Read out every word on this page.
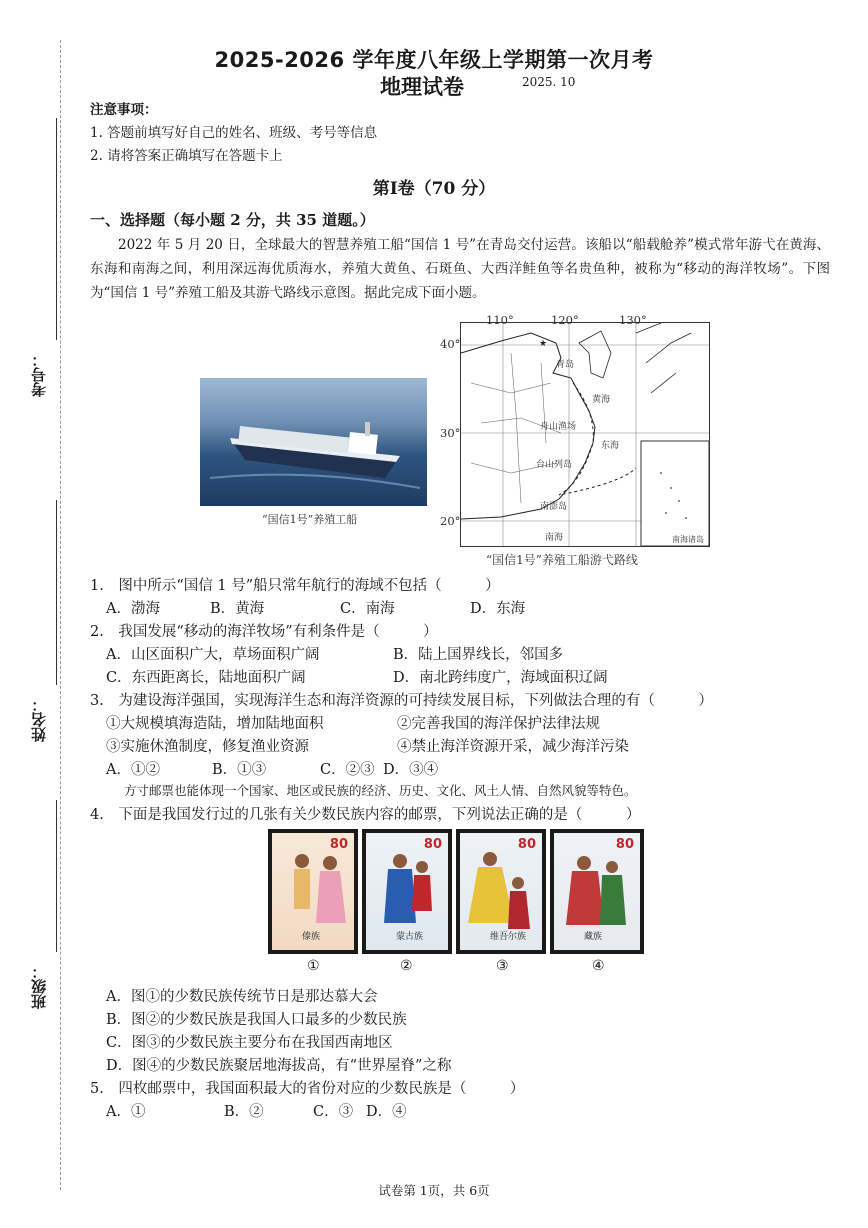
考号：
姓名：
班级：
2025-2026 学年度八年级上学期第一次月考
地理试卷	2025. 10
注意事项：
1. 答题前填写好自己的姓名、班级、考号等信息
2. 请将答案正确填写在答题卡上
第Ⅰ卷（70 分）
一、选择题（每小题 2 分，共 35 道题。）
2022 年 5 月 20 日，全球最大的智慧养殖工船“国信 1 号”在青岛交付运营。该船以“船载舱养”模式常年游弋在黄海、东海和南海之间，利用深远海优质海水，养殖大黄鱼、石斑鱼、大西洋鲑鱼等名贵鱼种，被称为“移动的海洋牧场”。下图为“国信 1 号”养殖工船及其游弋路线示意图。据此完成下面小题。
“国信1号”养殖工船
★
110°	120°	130°
40°
30°
20°
青岛
黄海
舟山渔场
东海
台山列岛
南澎岛
南海	南海诸岛
“国信1号”养殖工船游弋路线
1.　图中所示“国信 1 号”船只常年航行的海域不包括（　　　）
A．渤海	B．黄海	C．南海	D．东海
2.　我国发展“移动的海洋牧场”有利条件是（　　　）
A．山区面积广大，草场面积广阔	B．陆上国界线长，邻国多
C．东西距离长，陆地面积广阔	D．南北跨纬度广，海域面积辽阔
3.　为建设海洋强国，实现海洋生态和海洋资源的可持续发展目标，下列做法合理的有（　　　）
①大规模填海造陆，增加陆地面积	②完善我国的海洋保护法律法规
③实施休渔制度，修复渔业资源	④禁止海洋资源开采，减少海洋污染
A．①②	B．①③	C．②③ D．③④
方寸邮票也能体现一个国家、地区或民族的经济、历史、文化、风土人情、自然风貌等特色。
4.　下面是我国发行过的几张有关少数民族内容的邮票，下列说法正确的是（　　　）
80
傣族
80
蒙古族
80
维吾尔族
80
藏族
①	②	③	④
A．图①的少数民族传统节日是那达慕大会
B．图②的少数民族是我国人口最多的少数民族
C．图③的少数民族主要分布在我国西南地区
D．图④的少数民族聚居地海拔高，有“世界屋脊”之称
5.　四枚邮票中，我国面积最大的省份对应的少数民族是（　　　）
A．①	B．②	C．③ D．④
试卷第 1页，共 6页
